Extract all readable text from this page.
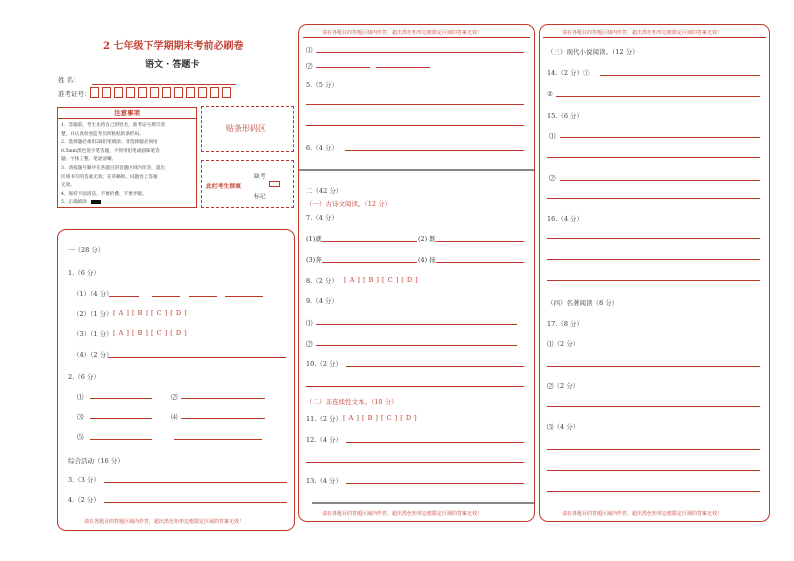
2 七年级下学期期末考前必刷卷
语文 · 答题卡
姓 名：
准考证号：
注意事项
1．答题前，考生先将自己的姓名，准考证号填写清
楚，并认真检查监考员所粘贴的条形码。
2．选择题必须用2B铅笔填涂；非选择题必须用
0.5mm黑色签字笔答题，不得用铅笔或圆珠笔答
题；字体工整、笔迹清晰。
3．请按题号顺序在各题目的答题区域内作答，超出
区域书写的答案无效；在草稿纸、试题卷上答题
无效。
4．保持卡面清洁，不要折叠、不要弄破。
5．正确填涂
贴条形码区
此栏考生禁填
缺考
标记
一（28 分）
1.（6 分）
（1）（4 分）
（2）（1 分） [ A ] [ B ] [ C ] [ D ]
（3）（1 分） [ A ] [ B ] [ C ] [ D ]
（4）（2 分）
2.（6 分）
⑴	⑵
⑶	⑷
⑸
综合活动（16 分）
3.（3 分）
4.（2 分）
请在各题目的答题区域内作答，超出黑色矩形边框限定区域的答案无效！
请在各题目的答题区域内作答，超出黑色矩形边框限定区域的答案无效！
⑴
⑵
5.（5 分）
6.（4 分）
二（42 分）
（一）古诗文阅读。（12 分）
7.（4 分）
(1)就	(2) 既
(3)奔	(4) 扬
8.（2 分） [ A ] [ B ] [ C ] [ D ]
9.（4 分）
⑴
⑵
10.（2 分）
（二）非连续性文本。（10 分）
11.（2 分） [ A ] [ B ] [ C ] [ D ]
12.（4 分）
13.（4 分）
请在各题目的答题区域内作答，超出黑色矩形边框限定区域的答案无效！
请在各题目的答题区域内作答，超出黑色矩形边框限定区域的答案无效！
（三）现代小说阅读。（12 分）
14.（2 分）①
②
15.（6 分）
⑴
⑵
16.（4 分）
（四）名著阅读（8 分）
17.（8 分）
⑴（2 分）
⑵（2 分）
⑶（4 分）
请在各题目的答题区域内作答，超出黑色矩形边框限定区域的答案无效！
